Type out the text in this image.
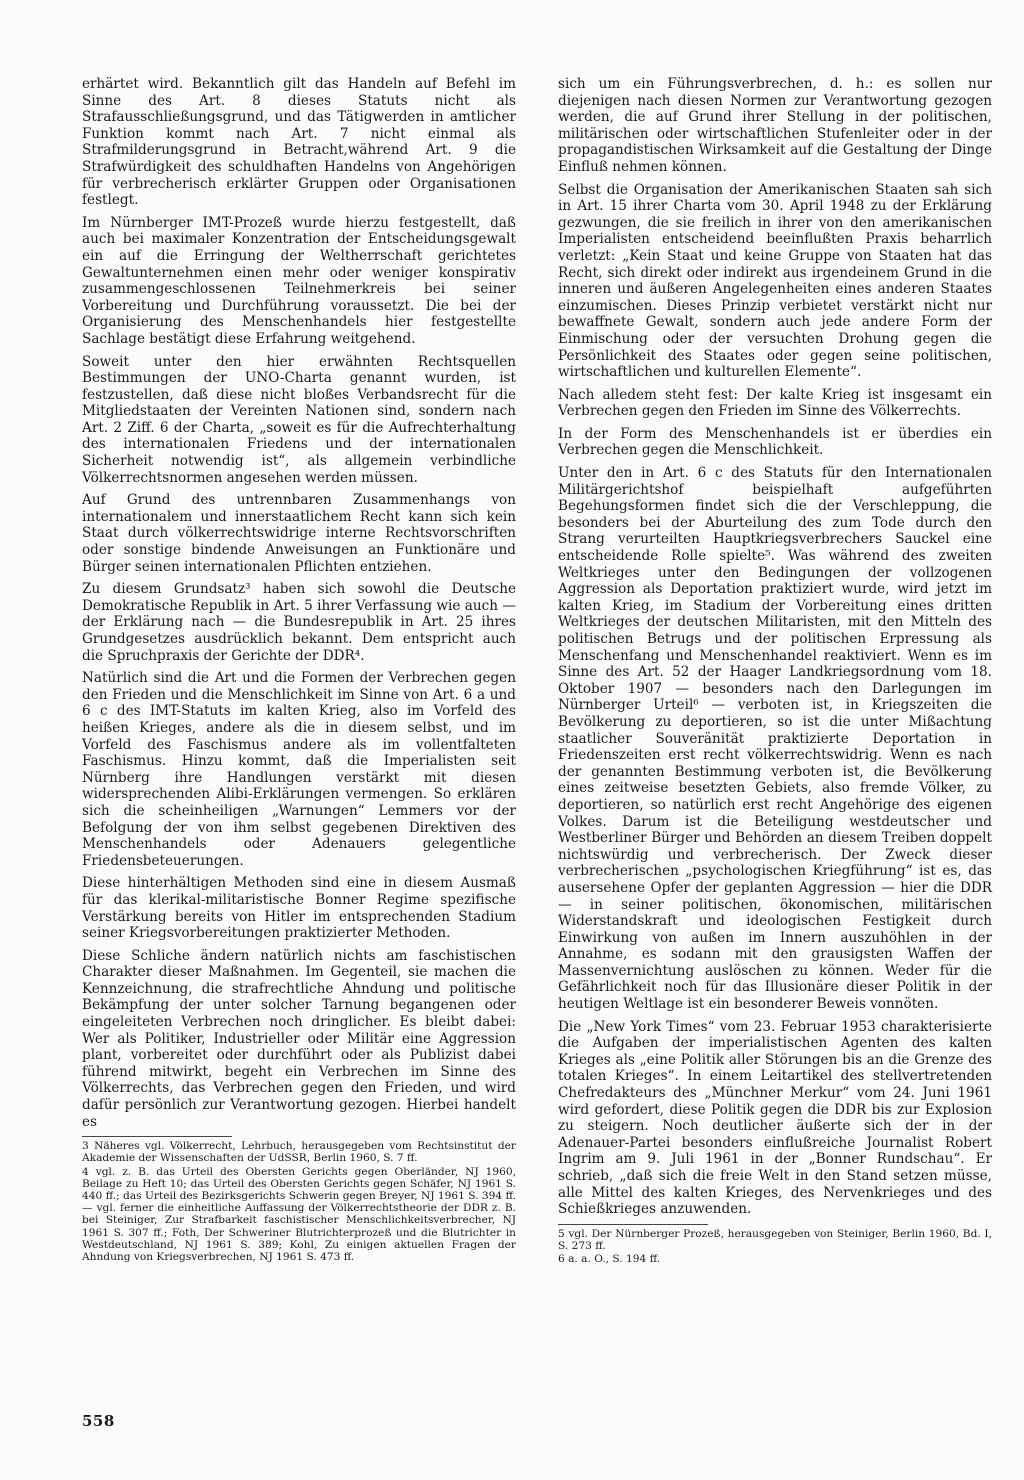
erhärtet wird. Bekanntlich gilt das Handeln auf Befehl im Sinne des Art. 8 dieses Statuts nicht als Strafausschließungsgrund, und das Tätigwerden in amtlicher Funktion kommt nach Art. 7 nicht einmal als Strafmilderungsgrund in Betracht,während Art. 9 die Strafwürdigkeit des schuldhaften Handelns von Angehörigen für verbrecherisch erklärter Gruppen oder Organisationen festlegt.

Im Nürnberger IMT-Prozeß wurde hierzu festgestellt, daß auch bei maximaler Konzentration der Entscheidungsgewalt ein auf die Erringung der Weltherrschaft gerichtetes Gewaltunternehmen einen mehr oder weniger konspirativ zusammengeschlossenen Teilnehmerkreis bei seiner Vorbereitung und Durchführung voraussetzt. Die bei der Organisierung des Menschenhandels hier festgestellte Sachlage bestätigt diese Erfahrung weitgehend.

Soweit unter den hier erwähnten Rechtsquellen Bestimmungen der UNO-Charta genannt wurden, ist festzustellen, daß diese nicht bloßes Verbandsrecht für die Mitgliedstaaten der Vereinten Nationen sind, sondern nach Art. 2 Ziff. 6 der Charta, „soweit es für die Aufrechterhaltung des internationalen Friedens und der internationalen Sicherheit notwendig ist“, als allgemein verbindliche Völkerrechtsnormen angesehen werden müssen.

Auf Grund des untrennbaren Zusammenhangs von internationalem und innerstaatlichem Recht kann sich kein Staat durch völkerrechtswidrige interne Rechtsvorschriften oder sonstige bindende Anweisungen an Funktionäre und Bürger seinen internationalen Pflichten entziehen.

Zu diesem Grundsatz³ haben sich sowohl die Deutsche Demokratische Republik in Art. 5 ihrer Verfassung wie auch — der Erklärung nach — die Bundesrepublik in Art. 25 ihres Grundgesetzes ausdrücklich bekannt. Dem entspricht auch die Spruchpraxis der Gerichte der DDR⁴.

Natürlich sind die Art und die Formen der Verbrechen gegen den Frieden und die Menschlichkeit im Sinne von Art. 6 a und 6 c des IMT-Statuts im kalten Krieg, also im Vorfeld des heißen Krieges, andere als die in diesem selbst, und im Vorfeld des Faschismus andere als im vollentfalteten Faschismus. Hinzu kommt, daß die Imperialisten seit Nürnberg ihre Handlungen verstärkt mit diesen widersprechenden Alibi-Erklärungen vermengen. So erklären sich die scheinheiligen „Warnungen“ Lemmers vor der Befolgung der von ihm selbst gegebenen Direktiven des Menschenhandels oder Adenauers gelegentliche Friedensbeteuerungen.

Diese hinterhältigen Methoden sind eine in diesem Ausmaß für das klerikal-militaristische Bonner Regime spezifische Verstärkung bereits von Hitler im entsprechenden Stadium seiner Kriegsvorbereitungen praktizierter Methoden.

Diese Schliche ändern natürlich nichts am faschistischen Charakter dieser Maßnahmen. Im Gegenteil, sie machen die Kennzeichnung, die strafrechtliche Ahndung und politische Bekämpfung der unter solcher Tarnung begangenen oder eingeleiteten Verbrechen noch dringlicher. Es bleibt dabei: Wer als Politiker, Industrieller oder Militär eine Aggression plant, vorbereitet oder durchführt oder als Publizist dabei führend mitwirkt, begeht ein Verbrechen im Sinne des Völkerrechts, das Verbrechen gegen den Frieden, und wird dafür persönlich zur Verantwortung gezogen. Hierbei handelt es

3 Näheres vgl. Völkerrecht, Lehrbuch, herausgegeben vom Rechtsinstitut der Akademie der Wissenschaften der UdSSR, Berlin 1960, S. 7 ff.
4 vgl. z. B. das Urteil des Obersten Gerichts gegen Oberländer, NJ 1960, Beilage zu Heft 10; das Urteil des Obersten Gerichts gegen Schäfer, NJ 1961 S. 440 ff.; das Urteil des Bezirksgerichts Schwerin gegen Breyer, NJ 1961 S. 394 ff. — vgl. ferner die einheitliche Auffassung der Völkerrechtstheorie der DDR z. B. bei Steiniger, Zur Strafbarkeit faschistischer Menschlichkeitsverbrecher, NJ 1961 S. 307 ff.; Foth, Der Schweriner Blutrichterprozeß und die Blutrichter in Westdeutschland, NJ 1961 S. 389; Kohl, Zu einigen aktuellen Fragen der Ahndung von Kriegsverbrechen, NJ 1961 S. 473 ff.

sich um ein Führungsverbrechen, d. h.: es sollen nur diejenigen nach diesen Normen zur Verantwortung gezogen werden, die auf Grund ihrer Stellung in der politischen, militärischen oder wirtschaftlichen Stufenleiter oder in der propagandistischen Wirksamkeit auf die Gestaltung der Dinge Einfluß nehmen können.

Selbst die Organisation der Amerikanischen Staaten sah sich in Art. 15 ihrer Charta vom 30. April 1948 zu der Erklärung gezwungen, die sie freilich in ihrer von den amerikanischen Imperialisten entscheidend beeinflußten Praxis beharrlich verletzt: „Kein Staat und keine Gruppe von Staaten hat das Recht, sich direkt oder indirekt aus irgendeinem Grund in die inneren und äußeren Angelegenheiten eines anderen Staates einzumischen. Dieses Prinzip verbietet verstärkt nicht nur bewaffnete Gewalt, sondern auch jede andere Form der Einmischung oder der versuchten Drohung gegen die Persönlichkeit des Staates oder gegen seine politischen, wirtschaftlichen und kulturellen Elemente“.

Nach alledem steht fest: Der kalte Krieg ist insgesamt ein Verbrechen gegen den Frieden im Sinne des Völkerrechts.

In der Form des Menschenhandels ist er überdies ein Verbrechen gegen die Menschlichkeit.

Unter den in Art. 6 c des Statuts für den Internationalen Militärgerichtshof beispielhaft aufgeführten Begehungsformen findet sich die der Verschleppung, die besonders bei der Aburteilung des zum Tode durch den Strang verurteilten Hauptkriegsverbrechers Sauckel eine entscheidende Rolle spielte⁵. Was während des zweiten Weltkrieges unter den Bedingungen der vollzogenen Aggression als Deportation praktiziert wurde, wird jetzt im kalten Krieg, im Stadium der Vorbereitung eines dritten Weltkrieges der deutschen Militaristen, mit den Mitteln des politischen Betrugs und der politischen Erpressung als Menschenfang und Menschenhandel reaktiviert. Wenn es im Sinne des Art. 52 der Haager Landkriegsordnung vom 18. Oktober 1907 — besonders nach den Darlegungen im Nürnberger Urteil⁶ — verboten ist, in Kriegszeiten die Bevölkerung zu deportieren, so ist die unter Mißachtung staatlicher Souveränität praktizierte Deportation in Friedenszeiten erst recht völkerrechtswidrig. Wenn es nach der genannten Bestimmung verboten ist, die Bevölkerung eines zeitweise besetzten Gebiets, also fremde Völker, zu deportieren, so natürlich erst recht Angehörige des eigenen Volkes. Darum ist die Beteiligung westdeutscher und Westberliner Bürger und Behörden an diesem Treiben doppelt nichtswürdig und verbrecherisch. Der Zweck dieser verbrecherischen „psychologischen Kriegführung“ ist es, das ausersehene Opfer der geplanten Aggression — hier die DDR — in seiner politischen, ökonomischen, militärischen Widerstandskraft und ideologischen Festigkeit durch Einwirkung von außen im Innern auszuhöhlen in der Annahme, es sodann mit den grausigsten Waffen der Massenvernichtung auslöschen zu können. Weder für die Gefährlichkeit noch für das Illusionäre dieser Politik in der heutigen Weltlage ist ein besonderer Beweis vonnöten.

Die „New York Times“ vom 23. Februar 1953 charakterisierte die Aufgaben der imperialistischen Agenten des kalten Krieges als „eine Politik aller Störungen bis an die Grenze des totalen Krieges“. In einem Leitartikel des stellvertretenden Chefredakteurs des „Münchner Merkur“ vom 24. Juni 1961 wird gefordert, diese Politik gegen die DDR bis zur Explosion zu steigern. Noch deutlicher äußerte sich der in der Adenauer-Partei besonders einflußreiche Journalist Robert Ingrim am 9. Juli 1961 in der „Bonner Rundschau“. Er schrieb, „daß sich die freie Welt in den Stand setzen müsse, alle Mittel des kalten Krieges, des Nervenkrieges und des Schießkrieges anzuwenden.

5 vgl. Der Nürnberger Prozeß, herausgegeben von Steiniger, Berlin 1960, Bd. I, S. 273 ff.
6 a. a. O., S. 194 ff.
558
